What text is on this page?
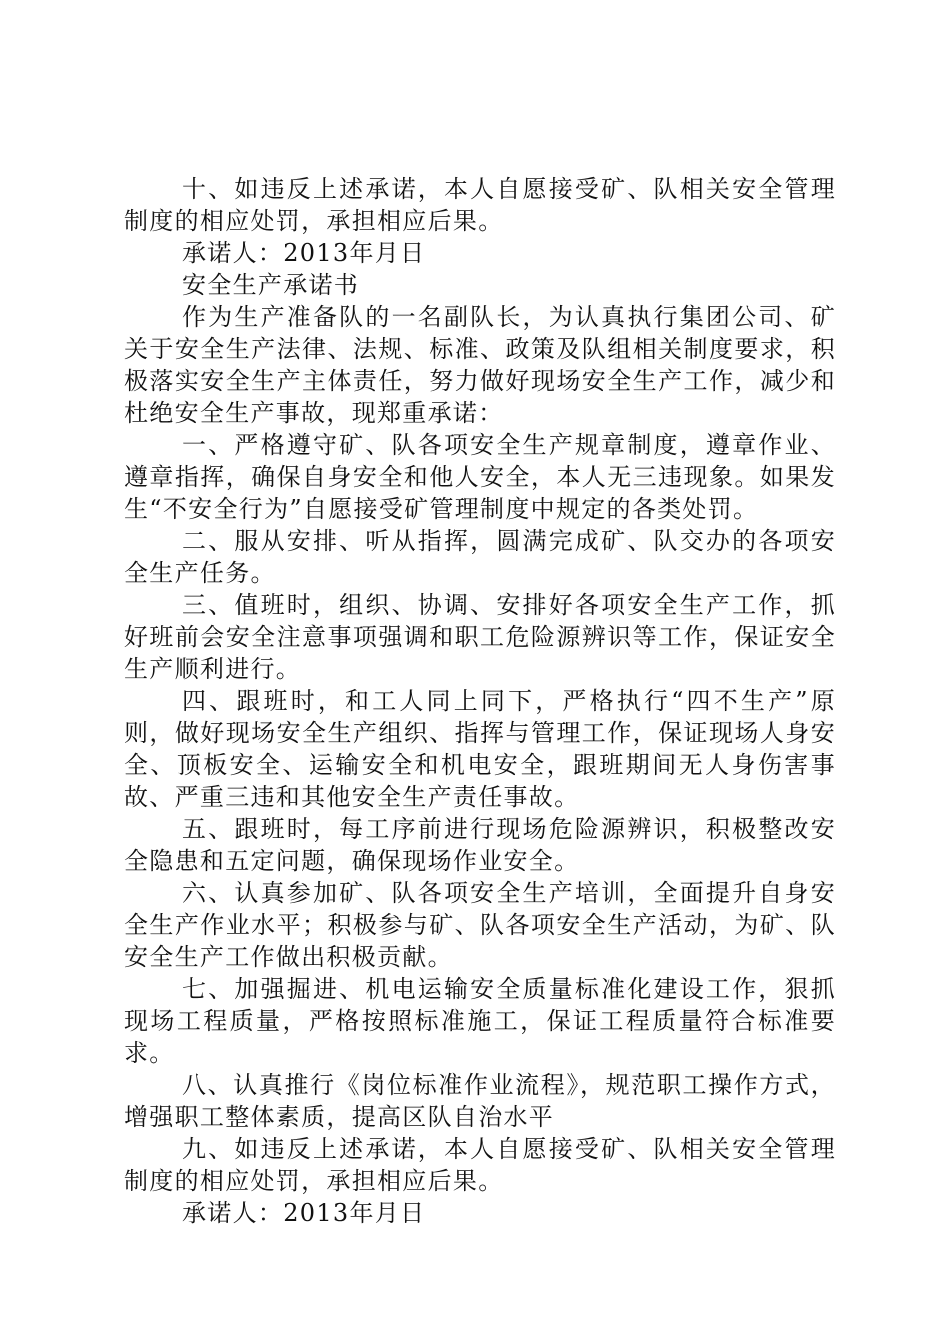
十、如违反上述承诺，本人自愿接受矿、队相关安全管理制度的相应处罚，承担相应后果。

承诺人：2013年月日

安全生产承诺书

作为生产准备队的一名副队长，为认真执行集团公司、矿关于安全生产法律、法规、标准、政策及队组相关制度要求，积极落实安全生产主体责任，努力做好现场安全生产工作，减少和杜绝安全生产事故，现郑重承诺：

一、严格遵守矿、队各项安全生产规章制度，遵章作业、遵章指挥，确保自身安全和他人安全，本人无三违现象。如果发生“不安全行为”自愿接受矿管理制度中规定的各类处罚。

二、服从安排、听从指挥，圆满完成矿、队交办的各项安全生产任务。

三、值班时，组织、协调、安排好各项安全生产工作，抓好班前会安全注意事项强调和职工危险源辨识等工作，保证安全生产顺利进行。

四、跟班时，和工人同上同下，严格执行“四不生产”原则，做好现场安全生产组织、指挥与管理工作，保证现场人身安全、顶板安全、运输安全和机电安全，跟班期间无人身伤害事故、严重三违和其他安全生产责任事故。

五、跟班时，每工序前进行现场危险源辨识，积极整改安全隐患和五定问题，确保现场作业安全。

六、认真参加矿、队各项安全生产培训，全面提升自身安全生产作业水平；积极参与矿、队各项安全生产活动，为矿、队安全生产工作做出积极贡献。

七、加强掘进、机电运输安全质量标准化建设工作，狠抓现场工程质量，严格按照标准施工，保证工程质量符合标准要求。

八、认真推行《岗位标准作业流程》，规范职工操作方式，增强职工整体素质，提高区队自治水平

九、如违反上述承诺，本人自愿接受矿、队相关安全管理制度的相应处罚，承担相应后果。

承诺人：2013年月日
